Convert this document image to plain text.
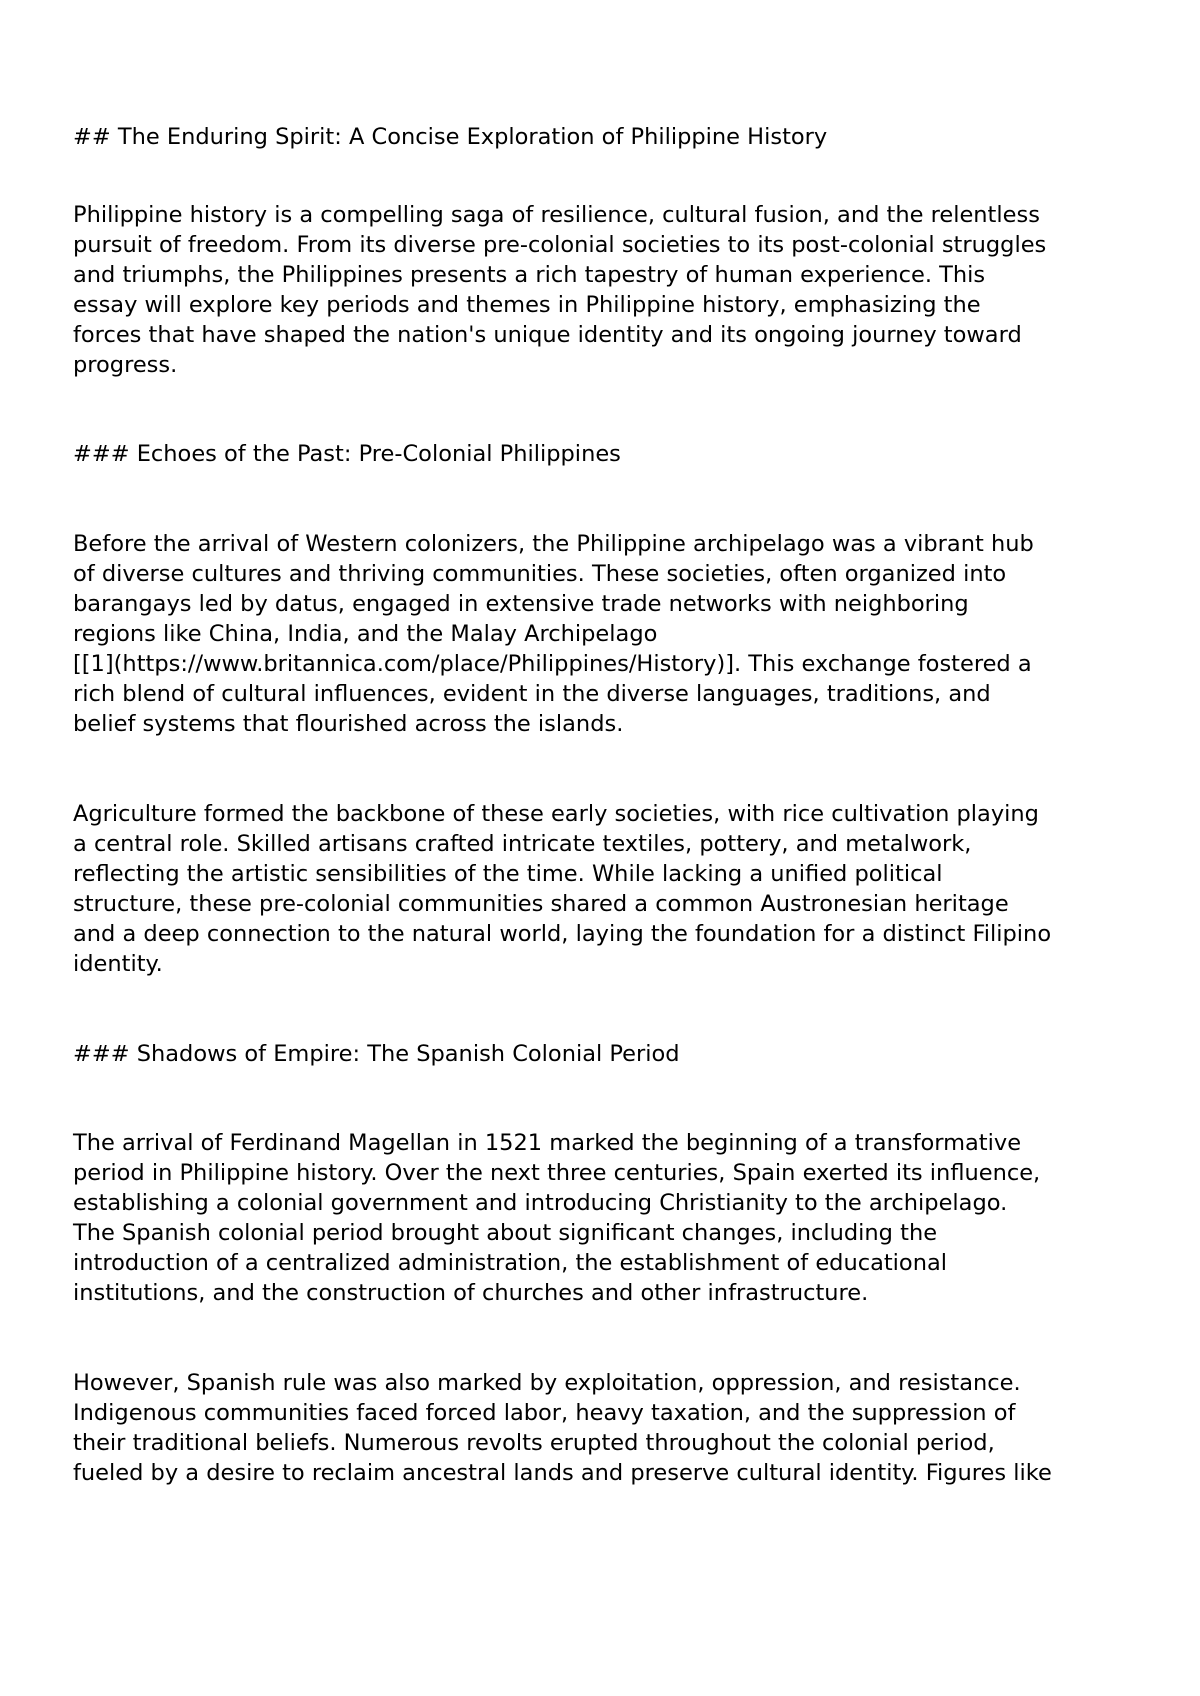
## The Enduring Spirit: A Concise Exploration of Philippine History
Philippine history is a compelling saga of resilience, cultural fusion, and the relentless
pursuit of freedom. From its diverse pre-colonial societies to its post-colonial struggles
and triumphs, the Philippines presents a rich tapestry of human experience. This
essay will explore key periods and themes in Philippine history, emphasizing the
forces that have shaped the nation's unique identity and its ongoing journey toward
progress.
### Echoes of the Past: Pre-Colonial Philippines
Before the arrival of Western colonizers, the Philippine archipelago was a vibrant hub
of diverse cultures and thriving communities. These societies, often organized into
barangays led by datus, engaged in extensive trade networks with neighboring
regions like China, India, and the Malay Archipelago
[[1](https://www.britannica.com/place/Philippines/History)]. This exchange fostered a
rich blend of cultural influences, evident in the diverse languages, traditions, and
belief systems that flourished across the islands.
Agriculture formed the backbone of these early societies, with rice cultivation playing
a central role. Skilled artisans crafted intricate textiles, pottery, and metalwork,
reflecting the artistic sensibilities of the time. While lacking a unified political
structure, these pre-colonial communities shared a common Austronesian heritage
and a deep connection to the natural world, laying the foundation for a distinct Filipino
identity.
### Shadows of Empire: The Spanish Colonial Period
The arrival of Ferdinand Magellan in 1521 marked the beginning of a transformative
period in Philippine history. Over the next three centuries, Spain exerted its influence,
establishing a colonial government and introducing Christianity to the archipelago.
The Spanish colonial period brought about significant changes, including the
introduction of a centralized administration, the establishment of educational
institutions, and the construction of churches and other infrastructure.
However, Spanish rule was also marked by exploitation, oppression, and resistance.
Indigenous communities faced forced labor, heavy taxation, and the suppression of
their traditional beliefs. Numerous revolts erupted throughout the colonial period,
fueled by a desire to reclaim ancestral lands and preserve cultural identity. Figures like
